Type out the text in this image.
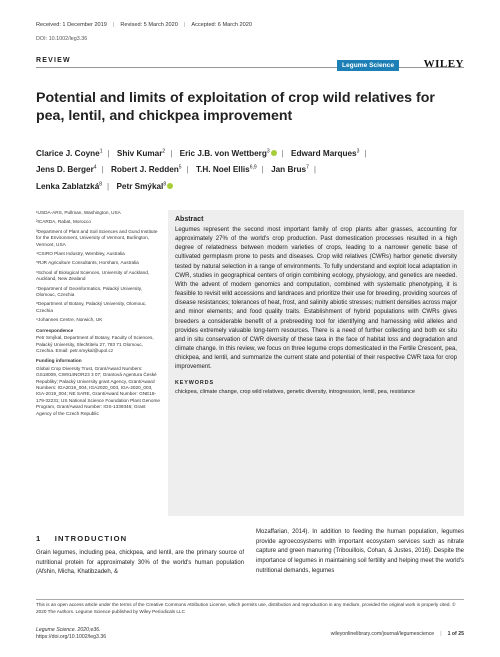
Received: 1 December 2019 | Revised: 5 March 2020 | Accepted: 6 March 2020
DOI: 10.1002/leg3.36
REVIEW
Legume Science	WILEY
Potential and limits of exploitation of crop wild relatives for pea, lentil, and chickpea improvement
Clarice J. Coyne$^1$ | Shiv Kumar$^2$ | Eric J.B. von Wettberg$^3$ | Edward Marques$^3$ |
Jens D. Berger$^4$ | Robert J. Redden$^5$ | T.H. Noel Ellis$^{6,9}$ | Jan Brus$^7$ |
Lenka Zablatzká$^8$ | Petr Smýkal$^8$

¹USDA-ARS, Pullman, Washington, USA

²ICARDA, Rabat, Morocco

³Department of Plant and Soil Sciences and Gund Institute for the Environment, University of Vermont, Burlington, Vermont, USA

⁴CSIRO Plant Industry, Wembley, Australia

⁵RJR Agriculture Consultants, Horsham, Australia

⁶School of Biological Sciences, University of Auckland, Auckland, New Zealand

⁷Department of Geoinformatics, Palacký University, Olomouc, Czechia

⁸Department of Botany, Palacký University, Olomouc, Czechia

⁹Johannes Centre, Norwich, UK

Correspondence

Petr Smýkal, Department of Botany, Faculty of Sciences, Palacký University, Slechtitelu 27, 783 71 Olomouc, Czechia. Email: petr.smykal@upol.cz

Funding information

Global Crop Diversity Trust, Grant/Award Numbers: GS18009, CW914NOR23 3 07; Grantová Agentura České Republiky; Palacký University grant Agency, Grant/Award Numbers: IGA2019_004, IGA2020_003, IGA-2020_003, IGA-2019_004; NE SARE, Grant/Award Number: GNE18-179-32231; US National Science Foundation Plant Genome Program, Grant/Award Number: IOS-1339346; Grant Agency of the Czech Republic

Abstract
Legumes represent the second most important family of crop plants after grasses, accounting for approximately 27% of the world's crop production. Past domestication processes resulted in a high degree of relatedness between modern varieties of crops, leading to a narrower genetic base of cultivated germplasm prone to pests and diseases. Crop wild relatives (CWRs) harbor genetic diversity tested by natural selection in a range of environments. To fully understand and exploit local adaptation in CWR, studies in geographical centers of origin combining ecology, physiology, and genetics are needed. With the advent of modern genomics and computation, combined with systematic phenotyping, it is feasible to revisit wild accessions and landraces and prioritize their use for breeding, providing sources of disease resistances; tolerances of heat, frost, and salinity abiotic stresses; nutrient densities across major and minor elements; and food quality traits. Establishment of hybrid populations with CWRs gives breeders a considerable benefit of a prebreeding tool for identifying and harnessing wild alleles and provides extremely valuable long-term resources. There is a need of further collecting and both ex situ and in situ conservation of CWR diversity of these taxa in the face of habitat loss and degradation and climate change. In this review, we focus on three legume crops domesticated in the Fertile Crescent, pea, chickpea, and lentil, and summarize the current state and potential of their respective CWR taxa for crop improvement.
KEYWORDS
chickpea, climate change, crop wild relatives, genetic diversity, introgression, lentil, pea, resistance
1 INTRODUCTION
Grain legumes, including pea, chickpea, and lentil, are the primary source of nutritional protein for approximately 30% of the world's human population (Afshin, Micha, Khatibzadeh, &
Mozaffarian, 2014). In addition to feeding the human population, legumes provide agroecosystems with important ecosystem services such as nitrate capture and green manuring (Tribouillois, Cohan, & Justes, 2016). Despite the importance of legumes in maintaining soil fertility and helping meet the world's nutritional demands, legumes
This is an open access article under the terms of the Creative Commons Attribution License, which permits use, distribution and reproduction in any medium, provided the original work is properly cited. © 2020 The Authors. Legume Science published by Wiley Periodicals LLC
Legume Science. 2020;e36.
https://doi.org/10.1002/leg3.36	wileyonlinelibrary.com/journal/legumescience | 1 of 25
